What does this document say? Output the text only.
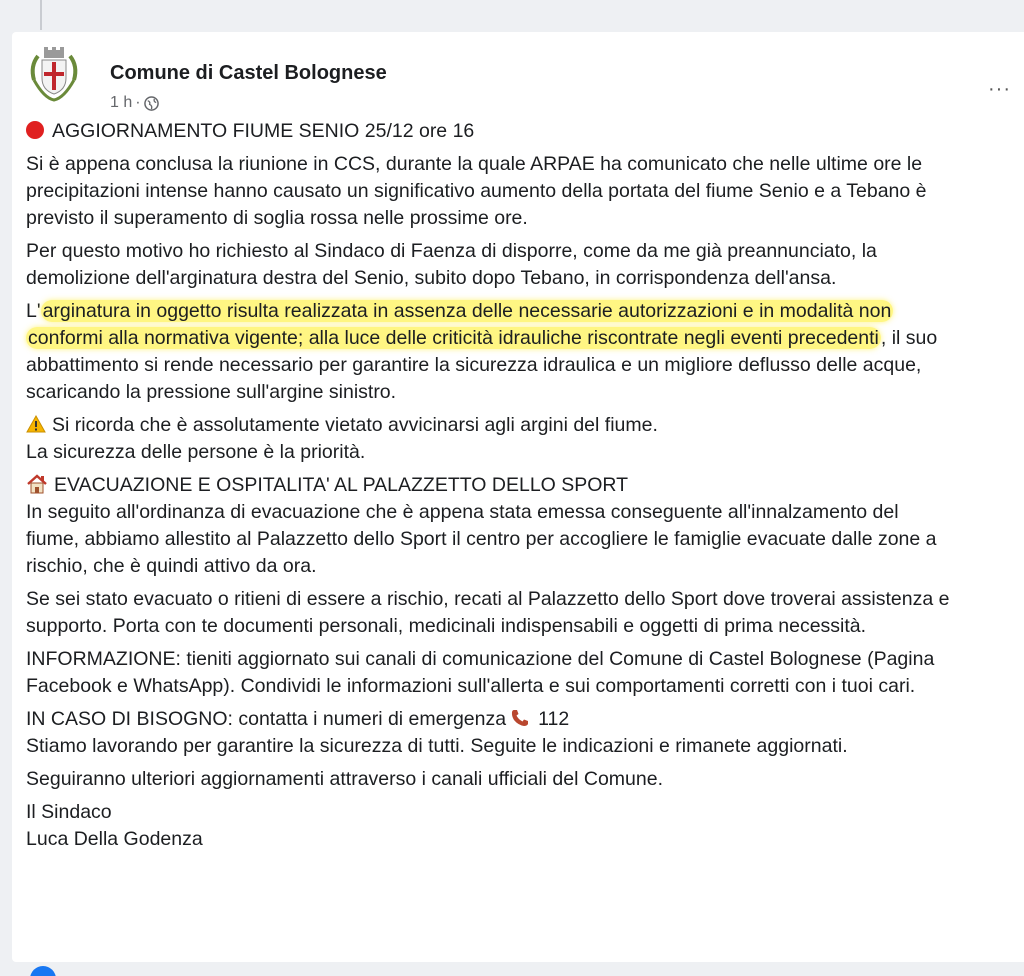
Comune di Castel Bolognese
1 h ·
···
AGGIORNAMENTO FIUME SENIO 25/12 ore 16
Si è appena conclusa la riunione in CCS, durante la quale ARPAE ha comunicato che nelle ultime ore le
precipitazioni intense hanno causato un significativo aumento della portata del fiume Senio e a Tebano è
previsto il superamento di soglia rossa nelle prossime ore.
Per questo motivo ho richiesto al Sindaco di Faenza di disporre, come da me già preannunciato, la
demolizione dell'arginatura destra del Senio, subito dopo Tebano, in corrispondenza dell'ansa.
L' arginatura in oggetto risulta realizzata in assenza delle necessarie autorizzazioni e in modalità non
conformi alla normativa vigente; alla luce delle criticità idrauliche riscontrate negli eventi precedenti , il suo
abbattimento si rende necessario per garantire la sicurezza idraulica e un migliore deflusso delle acque,
scaricando la pressione sull'argine sinistro.
Si ricorda che è assolutamente vietato avvicinarsi agli argini del fiume.
La sicurezza delle persone è la priorità.
EVACUAZIONE E OSPITALITA' AL PALAZZETTO DELLO SPORT
In seguito all'ordinanza di evacuazione che è appena stata emessa conseguente all'innalzamento del
fiume, abbiamo allestito al Palazzetto dello Sport il centro per accogliere le famiglie evacuate dalle zone a
rischio, che è quindi attivo da ora.
Se sei stato evacuato o ritieni di essere a rischio, recati al Palazzetto dello Sport dove troverai assistenza e
supporto. Porta con te documenti personali, medicinali indispensabili e oggetti di prima necessità.
INFORMAZIONE: tieniti aggiornato sui canali di comunicazione del Comune di Castel Bolognese (Pagina
Facebook e WhatsApp). Condividi le informazioni sull'allerta e sui comportamenti corretti con i tuoi cari.
IN CASO DI BISOGNO: contatta i numeri di emergenza 112
Stiamo lavorando per garantire la sicurezza di tutti. Seguite le indicazioni e rimanete aggiornati.
Seguiranno ulteriori aggiornamenti attraverso i canali ufficiali del Comune.
Il Sindaco
Luca Della Godenza
